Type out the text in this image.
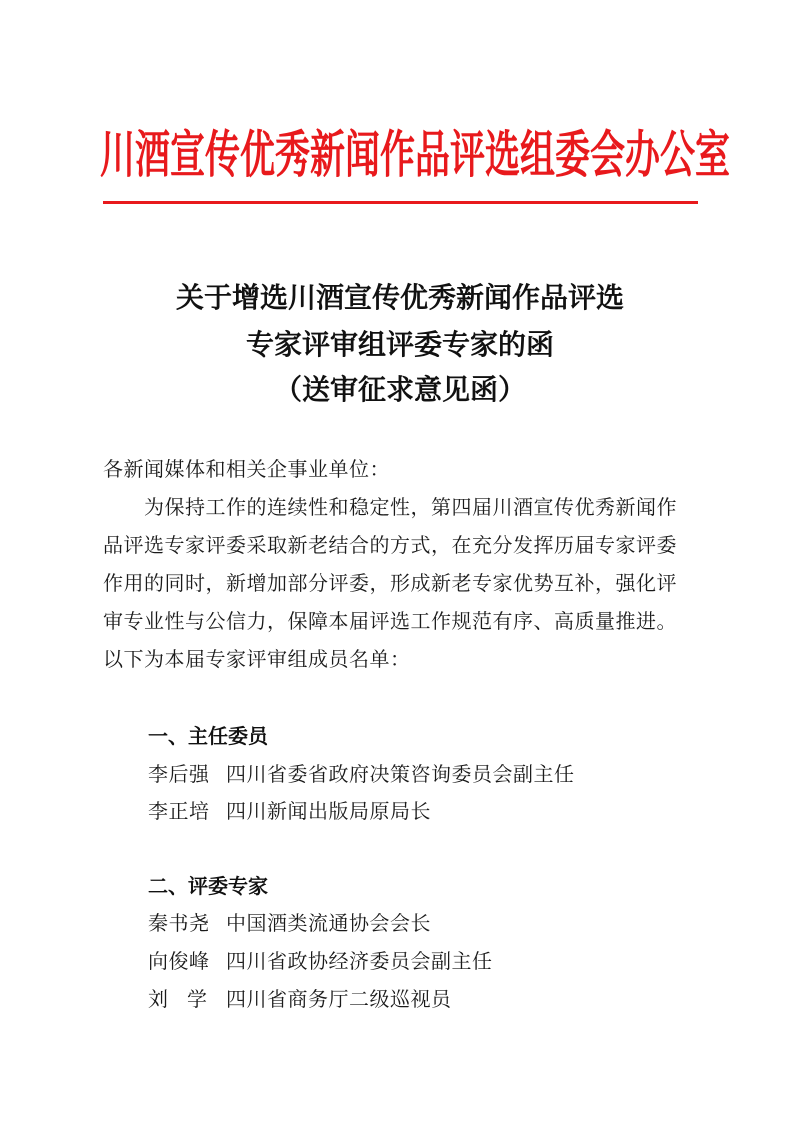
川酒宣传优秀新闻作品评选组委会办公室
关于增选川酒宣传优秀新闻作品评选
专家评审组评委专家的函
（送审征求意见函）
各新闻媒体和相关企事业单位：
　　为保持工作的连续性和稳定性，第四届川酒宣传优秀新闻作
品评选专家评委采取新老结合的方式，在充分发挥历届专家评委
作用的同时，新增加部分评委，形成新老专家优势互补，强化评
审专业性与公信力，保障本届评选工作规范有序、高质量推进。
以下为本届专家评审组成员名单：
一、主任委员
李后强 四川省委省政府决策咨询委员会副主任
李正培 四川新闻出版局原局长
二、评委专家
秦书尧 中国酒类流通协会会长
向俊峰 四川省政协经济委员会副主任
刘学四川省商务厅二级巡视员
